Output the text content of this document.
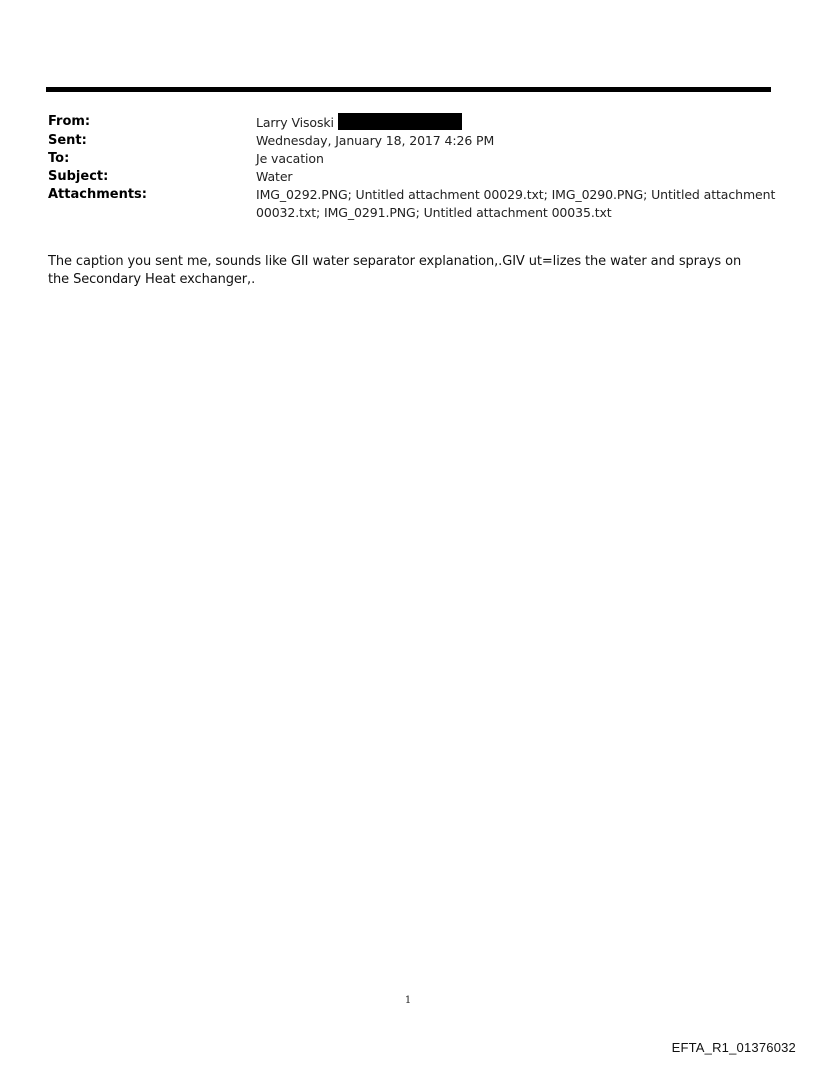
From:	Larry Visoski
Sent:	Wednesday, January 18, 2017 4:26 PM
To:	Je vacation
Subject:	Water
Attachments:	IMG_0292.PNG; Untitled attachment 00029.txt; IMG_0290.PNG; Untitled attachment 00032.txt; IMG_0291.PNG; Untitled attachment 00035.txt
The caption you sent me, sounds like GII water separator explanation,.GIV ut=lizes the water and sprays on the Secondary Heat exchanger,.
1
EFTA_R1_01376032
